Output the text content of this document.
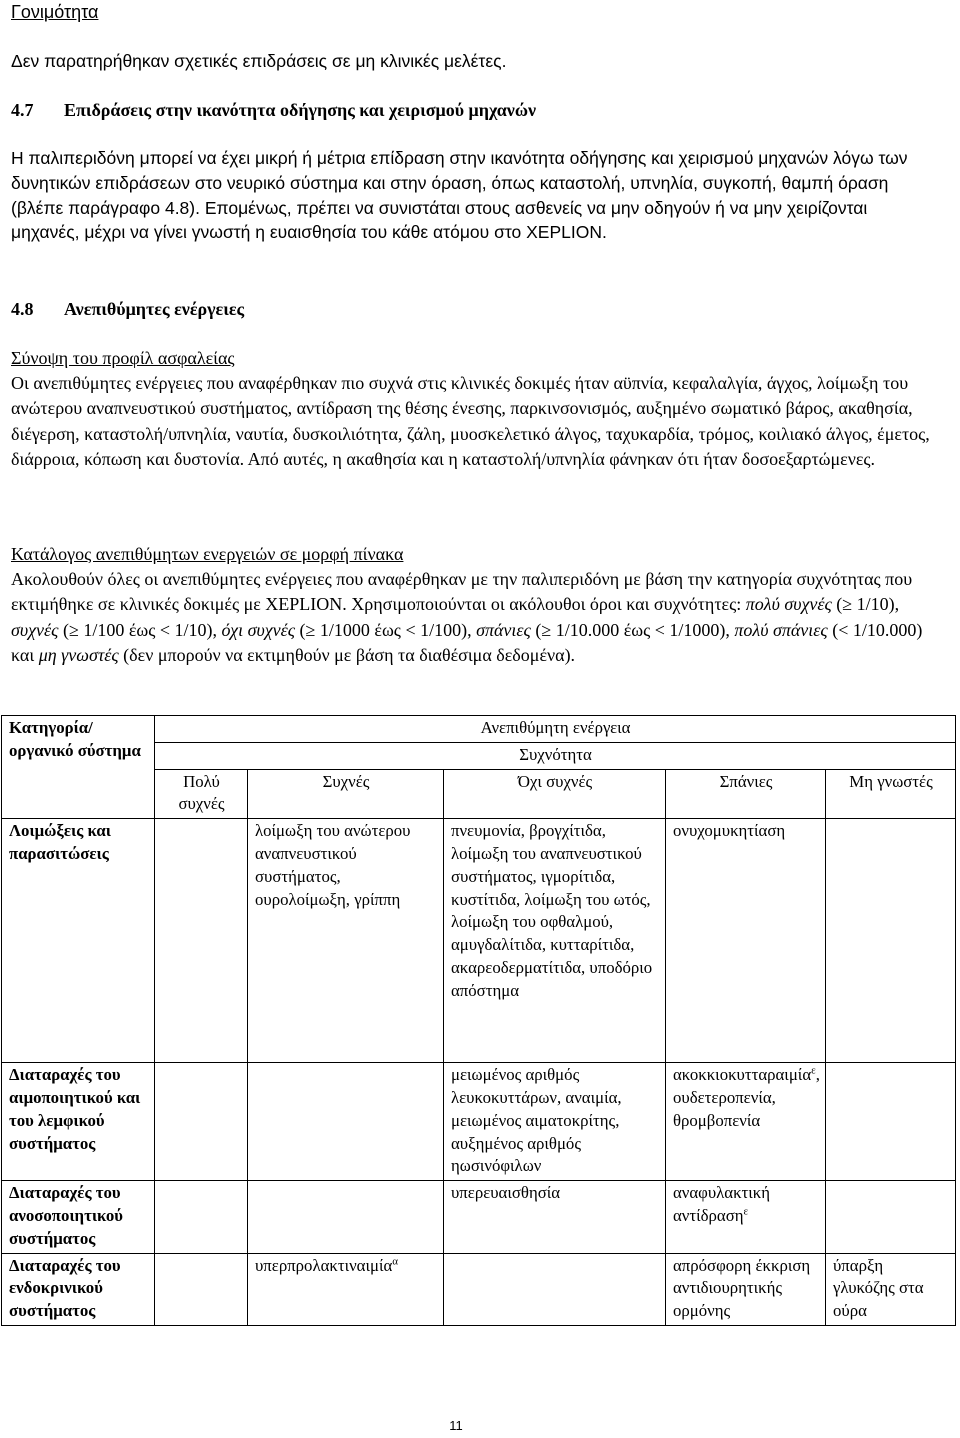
Γονιμότητα

Δεν παρατηρήθηκαν σχετικές επιδράσεις σε μη κλινικές μελέτες.

4.7 Επιδράσεις στην ικανότητα οδήγησης και χειρισμού μηχανών

Η παλιπεριδόνη μπορεί να έχει μικρή ή μέτρια επίδραση στην ικανότητα οδήγησης και χειρισμού μηχανών λόγω των δυνητικών επιδράσεων στο νευρικό σύστημα και στην όραση, όπως καταστολή, υπνηλία, συγκοπή, θαμπή όραση (βλέπε παράγραφο 4.8). Επομένως, πρέπει να συνιστάται στους ασθενείς να μην οδηγούν ή να μην χειρίζονται μηχανές, μέχρι να γίνει γνωστή η ευαισθησία του κάθε ατόμου στο XEPLION.

4.8 Ανεπιθύμητες ενέργειες

Σύνοψη του προφίλ ασφαλείας

Οι ανεπιθύμητες ενέργειες που αναφέρθηκαν πιο συχνά στις κλινικές δοκιμές ήταν αϋπνία, κεφαλαλγία, άγχος, λοίμωξη του ανώτερου αναπνευστικού συστήματος, αντίδραση της θέσης ένεσης, παρκινσονισμός, αυξημένο σωματικό βάρος, ακαθησία, διέγερση, καταστολή/υπνηλία, ναυτία, δυσκοιλιότητα, ζάλη, μυοσκελετικό άλγος, ταχυκαρδία, τρόμος, κοιλιακό άλγος, έμετος, διάρροια, κόπωση και δυστονία. Από αυτές, η ακαθησία και η καταστολή/υπνηλία φάνηκαν ότι ήταν δοσοεξαρτώμενες.

Κατάλογος ανεπιθύμητων ενεργειών σε μορφή πίνακα

Ακολουθούν όλες οι ανεπιθύμητες ενέργειες που αναφέρθηκαν με την παλιπεριδόνη με βάση την κατηγορία συχνότητας που εκτιμήθηκε σε κλινικές δοκιμές με XEPLION. Χρησιμοποιούνται οι ακόλουθοι όροι και συχνότητες: πολύ συχνές (≥ 1/10), συχνές (≥ 1/100 έως < 1/10), όχι συχνές (≥ 1/1000 έως < 1/100), σπάνιες (≥ 1/10.000 έως < 1/1000), πολύ σπάνιες (< 1/10.000) και μη γνωστές (δεν μπορούν να εκτιμηθούν με βάση τα διαθέσιμα δεδομένα).

Κατηγορία/οργανικό σύστημα	Ανεπιθύμητη ενέργεια				
	Συχνότητα				
	Πολύ συχνές	Συχνές	Όχι συχνές	Σπάνιες	Μη γνωστές
Λοιμώξεις και παρασιτώσεις		λοίμωξη του ανώτερου αναπνευστικού συστήματος, ουρολοίμωξη, γρίππη	πνευμονία, βρογχίτιδα, λοίμωξη του αναπνευστικού συστήματος, ιγμορίτιδα, κυστίτιδα, λοίμωξη του ωτός, λοίμωξη του οφθαλμού, αμυγδαλίτιδα, κυτταρίτιδα, ακαρεοδερματίτιδα, υποδόριο απόστημα	ονυχομυκητίαση	
Διαταραχές του αιμοποιητικού και του λεμφικού συστήματος			μειωμένος αριθμός λευκοκυττάρων, αναιμία, μειωμένος αιματοκρίτης, αυξημένος αριθμός ηωσινόφιλων	ακοκκιοκυτταραιμία$^\varepsilon$, ουδετεροπενία, θρομβοπενία	
Διαταραχές του ανοσοποιητικού συστήματος			υπερευαισθησία	αναφυλακτική αντίδραση$^\varepsilon$	
Διαταραχές του ενδοκρινικού συστήματος		υπερπρολακτιναιμία$^\alpha$		απρόσφορη έκκριση αντιδιουρητικής ορμόνης	ύπαρξη γλυκόζης στα ούρα
11
